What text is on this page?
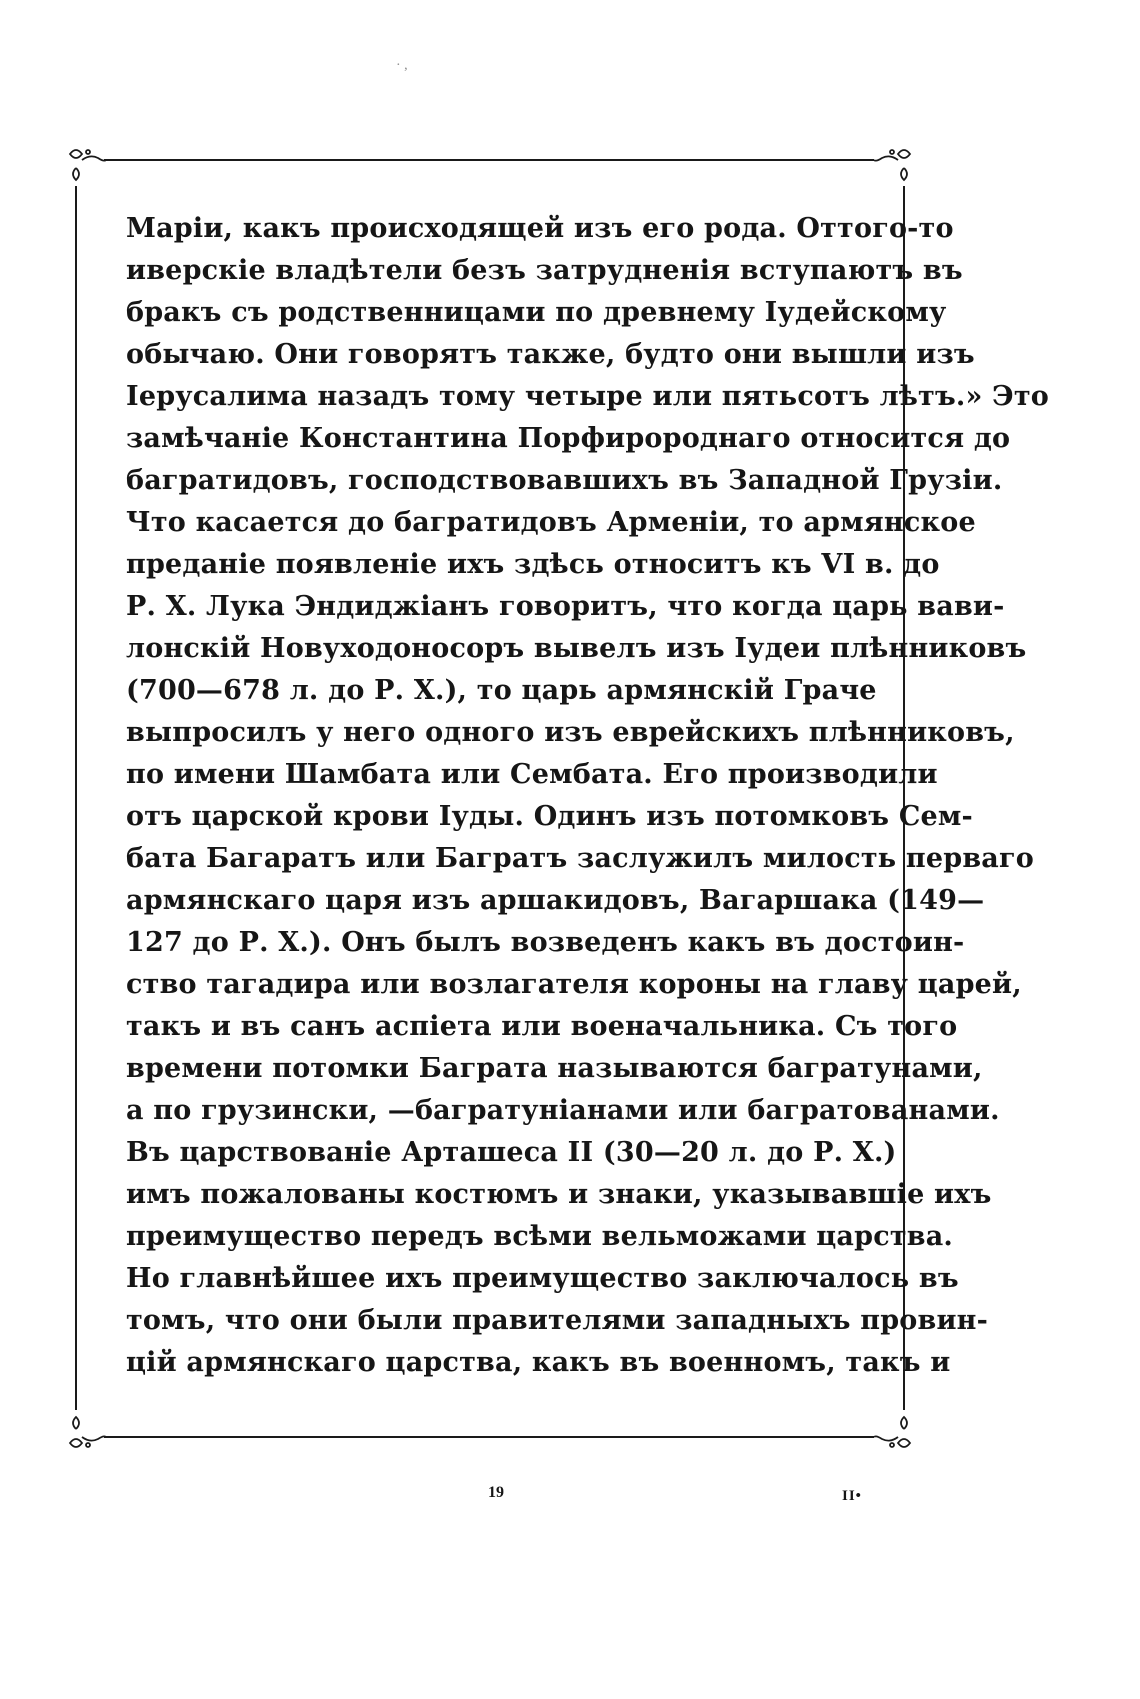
· ,
Маріи, какъ происходящей изъ его рода. Оттого-то
иверскіе владѣтели безъ затрудненія вступаютъ въ
бракъ съ родственницами по древнему Іудейскому
обычаю. Они говорятъ также, будто они вышли изъ
Іерусалима назадъ тому четыре или пятьсотъ лѣтъ.» Это
замѣчаніе Константина Порфиророднаго относится до
багратидовъ, господствовавшихъ въ Западной Грузіи.
Что касается до багратидовъ Арменіи, то армянское
преданіе появленіе ихъ здѣсь относитъ къ VI в. до
Р. X. Лука Эндиджіанъ говоритъ, что когда царь вави-
лонскій Новуходоносоръ вывелъ изъ Іудеи плѣнниковъ
(700—678 л. до Р. X.), то царь армянскій Граче
выпросилъ у него одного изъ еврейскихъ плѣнниковъ,
по имени Шамбата или Сембата. Его производили
отъ царской крови Іуды. Одинъ изъ потомковъ Сем-
бата Багаратъ или Багратъ заслужилъ милость перваго
армянскаго царя изъ аршакидовъ, Вагаршака (149—
127 до Р. X.). Онъ былъ возведенъ какъ въ достоин-
ство тагадира или возлагателя короны на главу царей,
такъ и въ санъ аспіета или военачальника. Съ того
времени потомки Баграта называются багратунами,
а по грузински, —багратуніанами или багратованами.
Въ царствованіе Арташеса II (30—20 л. до Р. X.)
имъ пожалованы костюмъ и знаки, указывавшіе ихъ
преимущество передъ всѣми вельможами царства.
Но главнѣйшее ихъ преимущество заключалось въ
томъ, что они были правителями западныхъ провин-
цій армянскаго царства, какъ въ военномъ, такъ и
19	II•
